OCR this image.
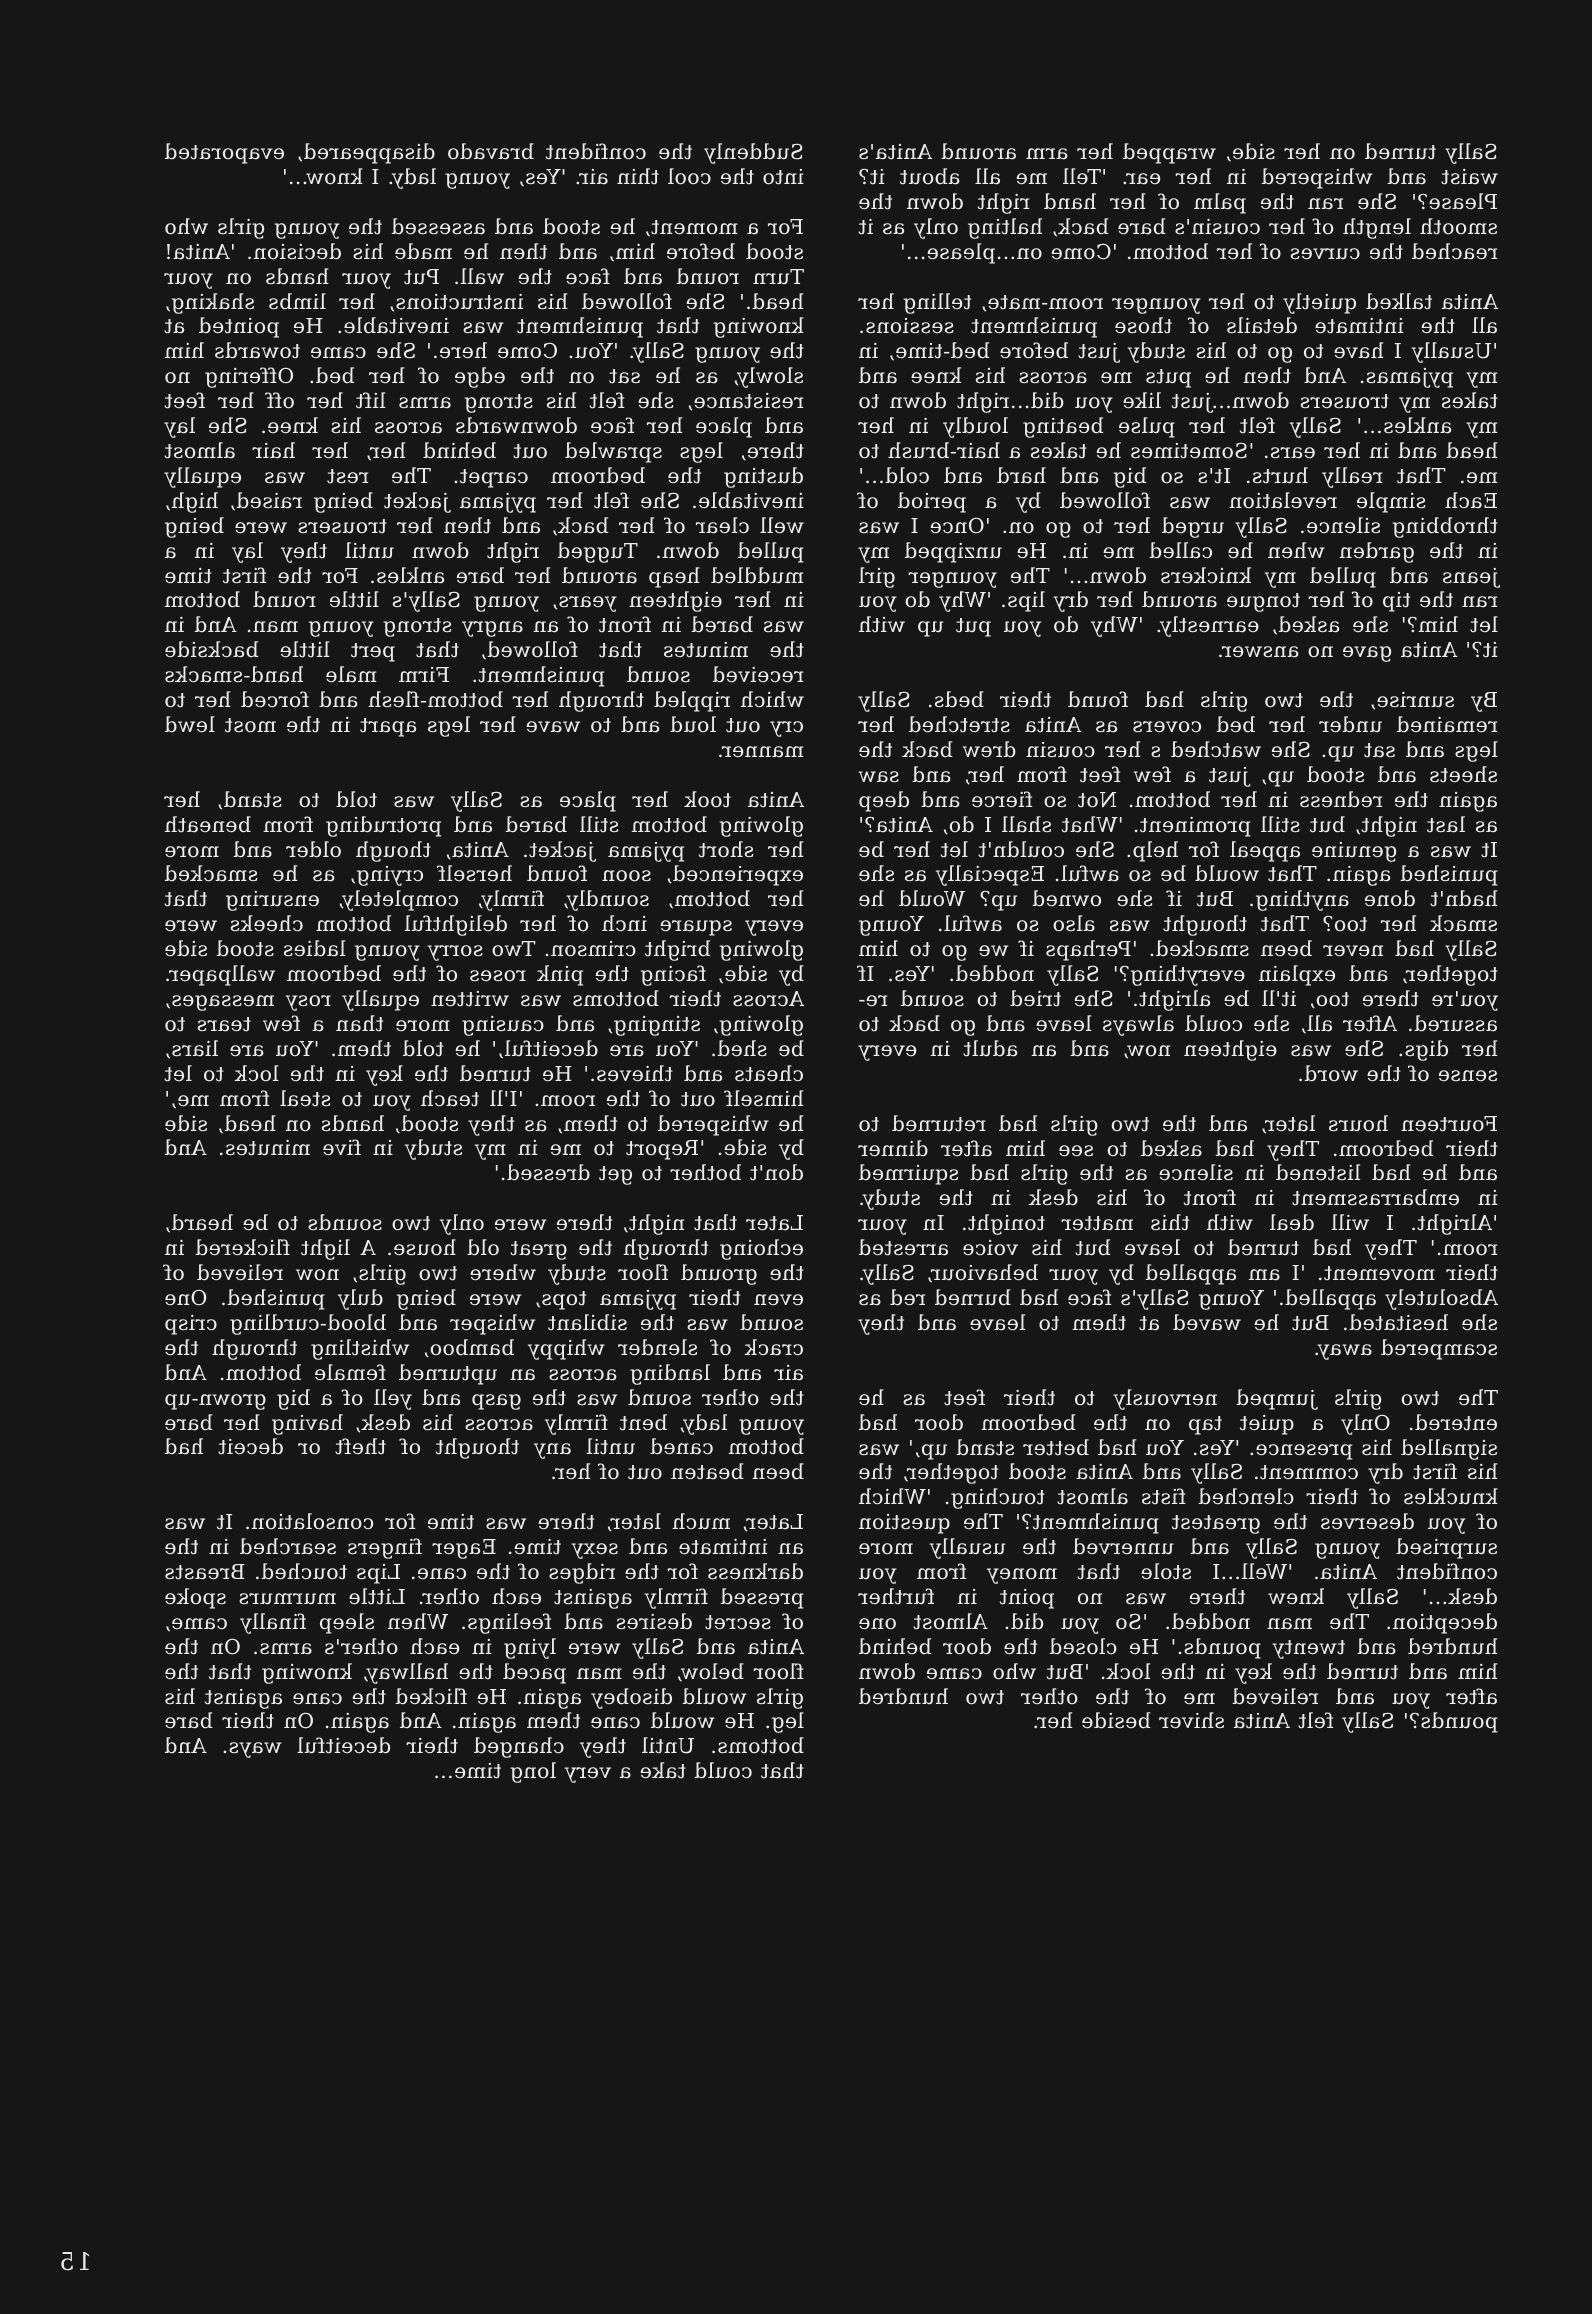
Sally turned on her side, wrapped her arm around Anita's waist and whispered in her ear. 'Tell me all about it? Please?' She ran the palm of her hand right down the smooth length of her cousin's bare back, halting only as it reached the curves of her bottom. 'Come on...please...'

Anita talked quietly to her younger room-mate, telling her all the intimate details of those punishment sessions. 'Usually I have to go to his study just before bed-time, in my pyjamas. And then he puts me across his knee and takes my trousers down...just like you did...right down to my ankles...' Sally felt her pulse beating loudly in her head and in her ears. 'Sometimes he takes a hair-brush to me. That really hurts. It's so big and hard and cold...' Each simple revelation was followed by a period of throbbing silence. Sally urged her to go on. 'Once I was in the garden when he called me in. He unzipped my jeans and pulled my knickers down...' The younger girl ran the tip of her tongue around her dry lips. 'Why do you let him?' she asked, earnestly. 'Why do you put up with it?' Anita gave no answer.

By sunrise, the two girls had found their beds. Sally remained under her bed covers as Anita stretched her legs and sat up. She watched s her cousin drew back the sheets and stood up, just a few feet from her, and saw again the redness in her bottom. Not so fierce and deep as last night, but still prominent. 'What shall I do, Anita?' It was a genuine appeal for help. She couldn't let her be punished again. That would be so awful. Especially as she hadn't done anything. But if she owned up? Would he smack her too? That thought was also so awful. Young Sally had never been smacked. 'Perhaps if we go to him together, and explain everything?' Sally nodded. 'Yes. If you're there too, it'll be alright.' She tried to sound re-assured. After all, she could always leave and go back to her digs. She was eighteen now, and an adult in every sense of the word.

Fourteen hours later, and the two girls had returned to their bedroom. They had asked to see him after dinner and he had listened in silence as the girls had squirmed in embarrassment in front of his desk in the study. 'Alright. I will deal with this matter tonight. In your room.' They had turned to leave but his voice arrested their movement. 'I am appalled by your behaviour, Sally. Absolutely appalled.' Young Sally's face had burned red as she hesitated. But he waved at them to leave and they scampered away.

The two girls jumped nervously to their feet as he entered. Only a quiet tap on the bedroom door had signalled his presence. 'Yes. You had better stand up,' was his first dry comment. Sally and Anita stood together, the knuckles of their clenched fists almost touching. 'Which of you deserves the greatest punishment?' The question surprised young Sally and unnerved the usually more confident Anita. 'Well...I stole that money from you desk...' Sally knew there was no point in further deception. The man nodded. 'So you did. Almost one hundred and twenty pounds.' He closed the door behind him and turned the key in the lock. 'But who came down after you and relieved me of the other two hundred pounds?' Sally felt Anita shiver beside her.

Suddenly the confident bravado disappeared, evaporated into the cool thin air. 'Yes, young lady. I know...'

For a moment, he stood and assessed the young girls who stood before him, and then he made his decision. 'Anita! Turn round and face the wall. Put your hands on your head.' She followed his instructions, her limbs shaking, knowing that punishment was inevitable. He pointed at the young Sally. 'You. Come here.' She came towards him slowly, as he sat on the edge of her bed. Offering no resistance, she felt his strong arms lift her off her feet and place her face downwards across his knee. She lay there, legs sprawled out behind her, her hair almost dusting the bedroom carpet. The rest was equally inevitable. She felt her pyjama jacket being raised, high, well clear of her back, and then her trousers were being pulled down. Tugged right down until they lay in a muddled heap around her bare ankles. For the first time in her eighteen years, young Sally's little round bottom was bared in front of an angry strong young man. And in the minutes that followed, that pert little backside received sound punishment. Firm male hand-smacks which rippled through her bottom-flesh and forced her to cry out loud and to wave her legs apart in the most lewd manner.

Anita took her place as Sally was told to stand, her glowing bottom still bared and protruding from beneath her short pyjama jacket. Anita, though older and more experienced, soon found herself crying, as he smacked her bottom, soundly, firmly, completely, ensuring that every square inch of her delightful bottom cheeks were glowing bright crimson. Two sorry young ladies stood side by side, facing the pink roses of the bedroom wallpaper. Across their bottoms was written equally rosy messages, glowing, stinging, and causing more than a few tears to be shed. 'You are deceitful,' he told them. 'You are liars, cheats and thieves.' He turned the key in the lock to let himself out of the room. 'I'll teach you to steal from me,' he whispered to them, as they stood, hands on head, side by side. 'Report to me in my study in five minutes. And don't bother to get dressed.'

Later that night, there were only two sounds to be heard, echoing through the great old house. A light flickered in the ground floor study where two girls, now relieved of even their pyjama tops, were being duly punished. One sound was the sibilant whisper and blood-curdling crisp crack of slender whippy bamboo, whistling through the air and landing across an upturned female bottom. And the other sound was the gasp and yell of a big grown-up young lady, bent firmly across his desk, having her bare bottom caned until any thought of theft or deceit had been beaten out of her.

Later, much later, there was time for consolation. It was an intimate and sexy time. Eager fingers searched in the darkness for the ridges of the cane. Lips touched. Breasts pressed firmly against each other. Little murmurs spoke of secret desires and feelings. When sleep finally came, Anita and Sally were lying in each other's arms. On the floor below, the man paced the hallway, knowing that the girls would disobey again. He flicked the cane against his leg. He would cane them again. And again. On their bare bottoms. Until they changed their deceitful ways. And that could take a very long time...

15
